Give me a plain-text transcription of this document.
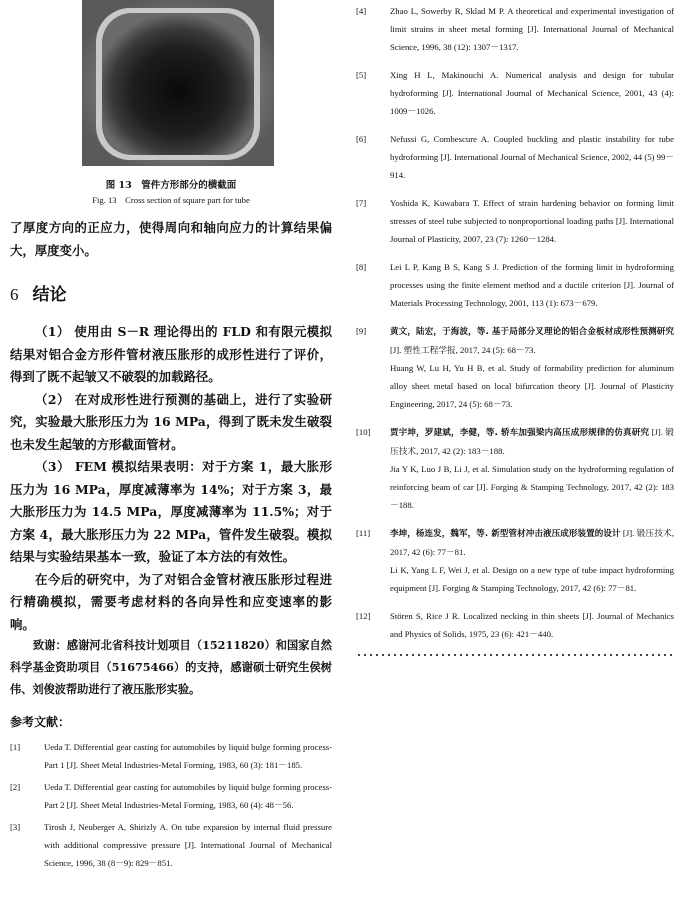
图 13　管件方形部分的横截面
Fig. 13　Cross section of square part for tube

了厚度方向的正应力，使得周向和轴向应力的计算结果偏大，厚度变小。

6 结论

（1） 使用由 S－R 理论得出的 FLD 和有限元模拟结果对铝合金方形件管材液压胀形的成形性进行了评价，得到了既不起皱又不破裂的加载路径。

（2） 在对成形性进行预测的基础上，进行了实验研究，实验最大胀形压力为 16 MPa，得到了既未发生破裂也未发生起皱的方形截面管材。

（3） FEM 模拟结果表明：对于方案 1，最大胀形压力为 16 MPa，厚度减薄率为 14%；对于方案 3，最大胀形压力为 14.5 MPa，厚度减薄率为 11.5%；对于方案 4，最大胀形压力为 22 MPa，管件发生破裂。模拟结果与实验结果基本一致，验证了本方法的有效性。

在今后的研究中，为了对铝合金管材液压胀形过程进行精确模拟，需要考虑材料的各向异性和应变速率的影响。

致谢：感谢河北省科技计划项目（15211820）和国家自然科学基金资助项目（51675466）的支持，感谢硕士研究生侯树伟、刘俊波帮助进行了液压胀形实验。

参考文献：
[1]	Ueda T. Differential gear casting for automobiles by liquid bulge forming process-Part 1 [J]. Sheet Metal Industries-Metal Forming, 1983, 60 (3): 181－185.
[2]	Ueda T. Differential gear casting for automobiles by liquid bulge forming process-Part 2 [J]. Sheet Metal Industries-Metal Forming, 1983, 60 (4): 48－56.
[3]	Tirosh J, Neuberger A, Shirizly A. On tube expansion by internal fluid pressure with additional compressive pressure [J]. International Journal of Mechanical Science, 1996, 38 (8－9): 829－851.
[4]	Zhao L, Sowerby R, Sklad M P. A theoretical and experimental investigation of limit strains in sheet metal forming [J]. International Journal of Mechanical Science, 1996, 38 (12): 1307－1317.
[5]	Xing H L, Makinouchi A. Numerical analysis and design for tubular hydroforming [J]. International Journal of Mechanical Science, 2001, 43 (4): 1009－1026.
[6]	Nefussi G, Combescure A. Coupled buckling and plastic instability for tube hydroforming [J]. International Journal of Mechanical Science, 2002, 44 (5) 99－914.
[7]	Yoshida K, Kuwabara T. Effect of strain hardening behavior on forming limit stresses of steel tube subjected to nonproportional loading paths [J]. International Journal of Plasticity, 2007, 23 (7): 1260－1284.
[8]	Lei L P, Kang B S, Kang S J. Prediction of the forming limit in hydroforming processes using the finite element method and a ductile criterion [J]. Journal of Materials Processing Technology, 2001, 113 (1): 673－679.
[9]	黄文，陆宏，于海波，等. 基于局部分叉理论的铝合金板材成形性预测研究 [J]. 塑性工程学报, 2017, 24 (5): 68－73.
Huang W, Lu H, Yu H B, et al. Study of formability prediction for aluminum alloy sheet metal based on local bifurcation theory [J]. Journal of Plasticity Engineering, 2017, 24 (5): 68－73.
[10]	贾宇坤，罗建斌，李健，等. 轿车加强梁内高压成形规律的仿真研究 [J]. 锻压技术, 2017, 42 (2): 183－188.
Jia Y K, Luo J B, Li J, et al. Simulation study on the hydroforming regulation of reinforcing beam of car [J]. Forging & Stamping Technology, 2017, 42 (2): 183－188.
[11]	李坤，杨连发，魏军，等. 新型管材冲击液压成形装置的设计 [J]. 锻压技术, 2017, 42 (6): 77－81.
Li K, Yang L F, Wei J, et al. Design on a new type of tube impact hydroforming equipment [J]. Forging & Stamping Technology, 2017, 42 (6): 77－81.
[12]	Stören S, Rice J R. Localized necking in thin sheets [J]. Journal of Mechanics and Physics of Solids, 1975, 23 (6): 421－440.
